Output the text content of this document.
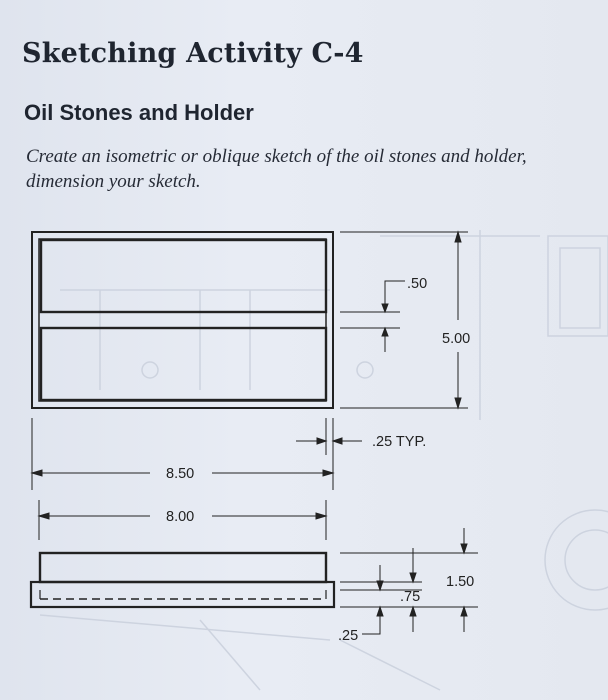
Sketching Activity C-4
Oil Stones and Holder

Create an isometric or oblique sketch of the oil stones and holder,
dimension your sketch.

.50
5.00
.25 TYP.
8.50
8.00
1.50
.75
.25
